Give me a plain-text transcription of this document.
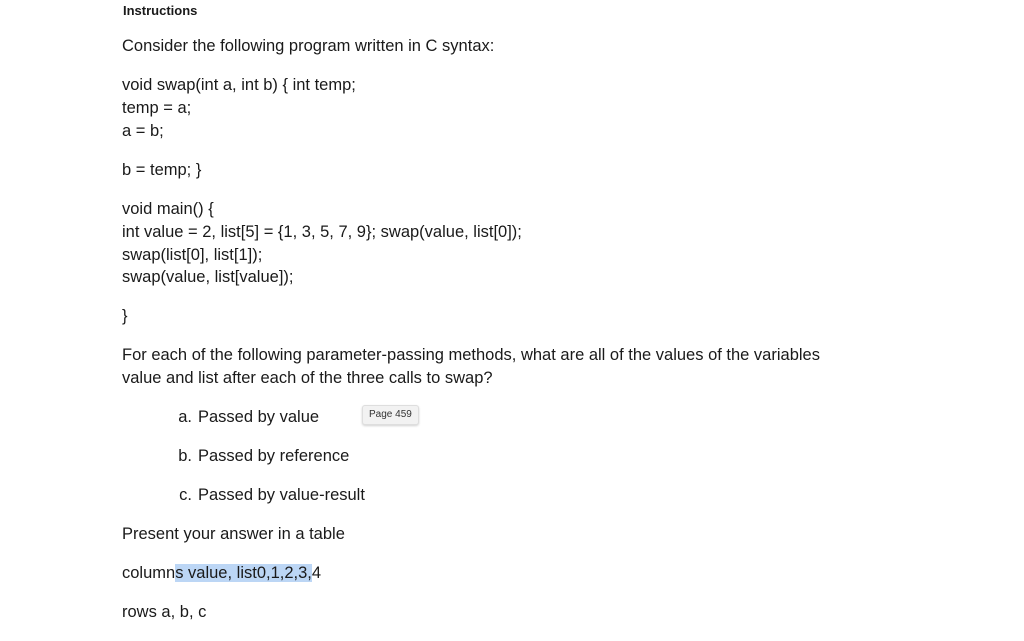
Instructions
Consider the following program written in C syntax:
void swap(int a, int b) { int temp;
temp = a;
a = b;
b = temp; }
void main() {
int value = 2, list[5] = {1, 3, 5, 7, 9}; swap(value, list[0]);
swap(list[0], list[1]);
swap(value, list[value]);
}
For each of the following parameter-passing methods, what are all of the values of the variables
value and list after each of the three calls to swap?
a. Passed by value	Page 459
b. Passed by reference
c. Passed by value-result
Present your answer in a table
columns value, list0,1,2,3,4
rows a, b, c
